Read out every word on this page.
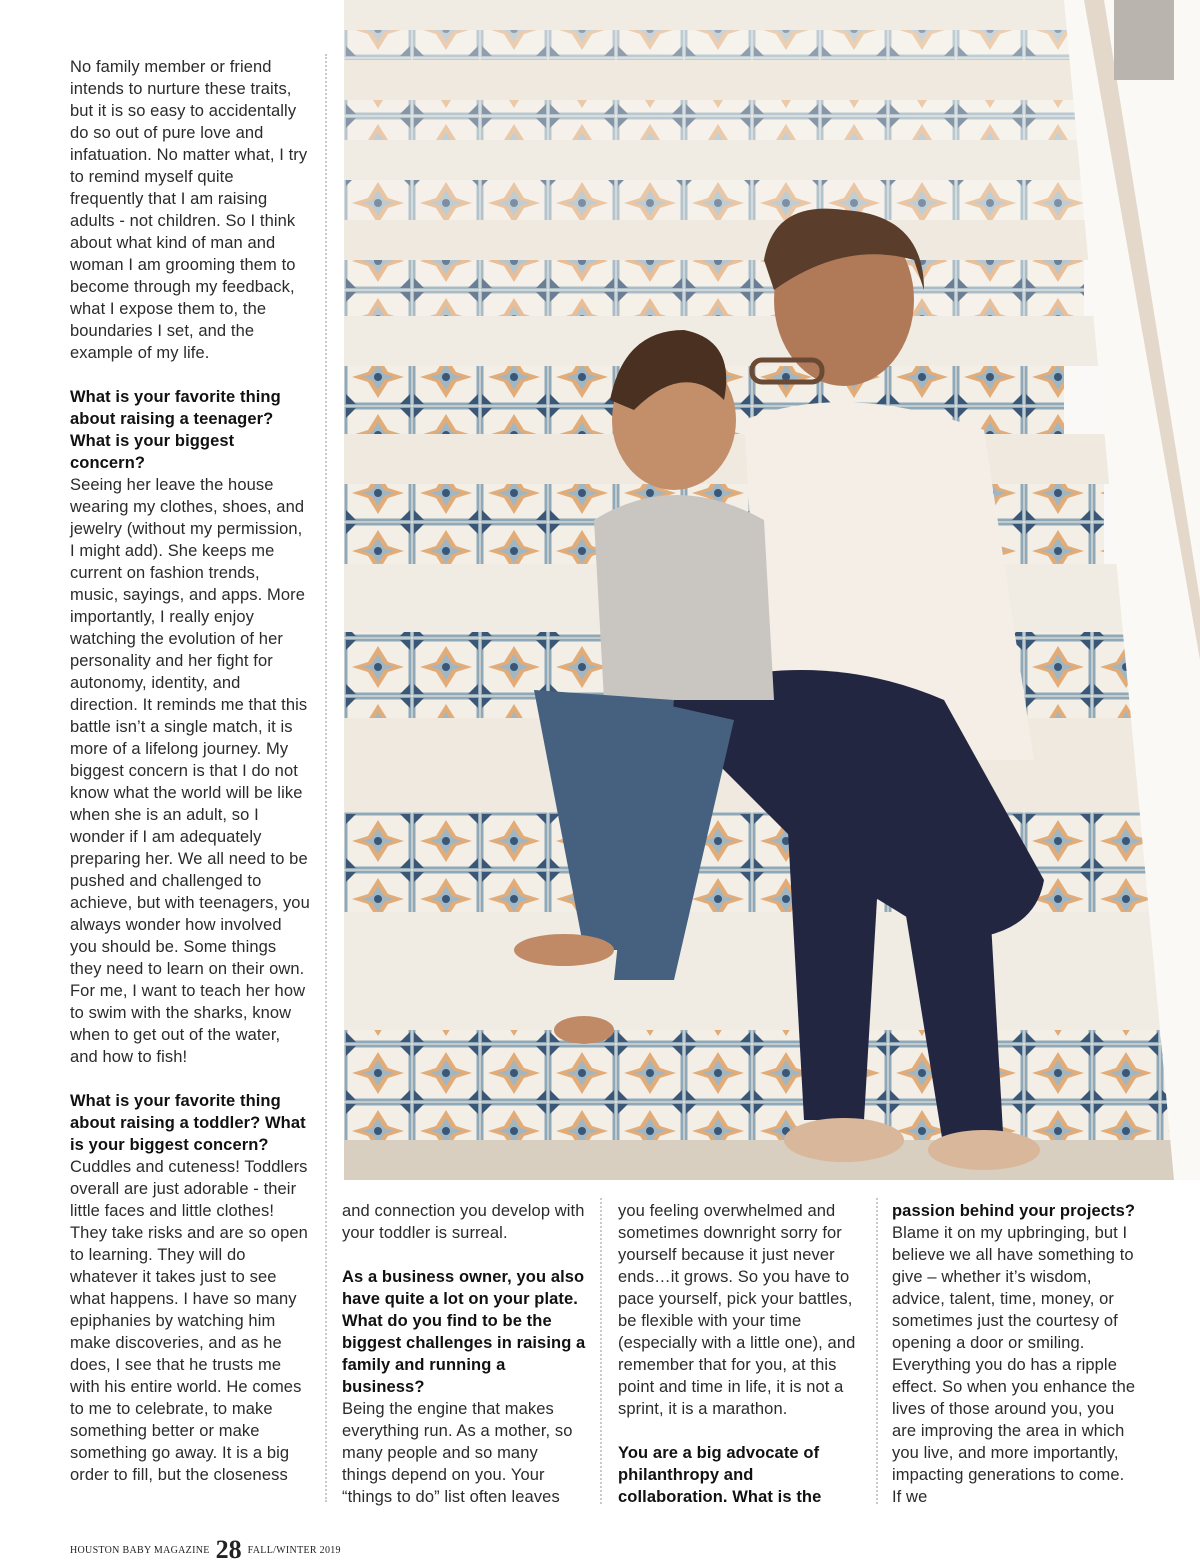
No family member or friend intends to nurture these traits, but it is so easy to accidentally do so out of pure love and infatuation. No matter what, I try to remind myself quite frequently that I am raising adults - not children. So I think about what kind of man and woman I am grooming them to become through my feedback, what I expose them to, the boundaries I set, and the example of my life.

What is your favorite thing about raising a teenager? What is your biggest concern?

Seeing her leave the house wearing my clothes, shoes, and jewelry (without my permission, I might add). She keeps me current on fashion trends, music, sayings, and apps. More importantly, I really enjoy watching the evolution of her personality and her fight for autonomy, identity, and direction. It reminds me that this battle isn’t a single match, it is more of a lifelong journey. My biggest concern is that I do not know what the world will be like when she is an adult, so I wonder if I am adequately preparing her. We all need to be pushed and challenged to achieve, but with teenagers, you always wonder how involved you should be. Some things they need to learn on their own. For me, I want to teach her how to swim with the sharks, know when to get out of the water, and how to fish!

What is your favorite thing about raising a toddler? What is your biggest concern?

Cuddles and cuteness! Toddlers overall are just adorable - their little faces and little clothes! They take risks and are so open to learning. They will do whatever it takes just to see what happens. I have so many epiphanies by watching him make discoveries, and as he does, I see that he trusts me with his entire world. He comes to me to celebrate, to make something better or make something go away. It is a big order to fill, but the closeness

and connection you develop with your toddler is surreal.

As a business owner, you also have quite a lot on your plate. What do you find to be the biggest challenges in raising a family and running a business?

Being the engine that makes everything run. As a mother, so many people and so many things depend on you. Your “things to do” list often leaves

you feeling overwhelmed and sometimes downright sorry for yourself because it just never ends…it grows. So you have to pace yourself, pick your battles, be flexible with your time (especially with a little one), and remember that for you, at this point and time in life, it is not a sprint, it is a marathon.

You are a big advocate of philanthropy and collaboration. What is the

passion behind your projects?

Blame it on my upbringing, but I believe we all have something to give – whether it’s wisdom, advice, talent, time, money, or sometimes just the courtesy of opening a door or smiling. Everything you do has a ripple effect. So when you enhance the lives of those around you, you are improving the area in which you live, and more importantly, impacting generations to come. If we

HOUSTON BABY MAGAZINE 28 FALL/WINTER 2019
